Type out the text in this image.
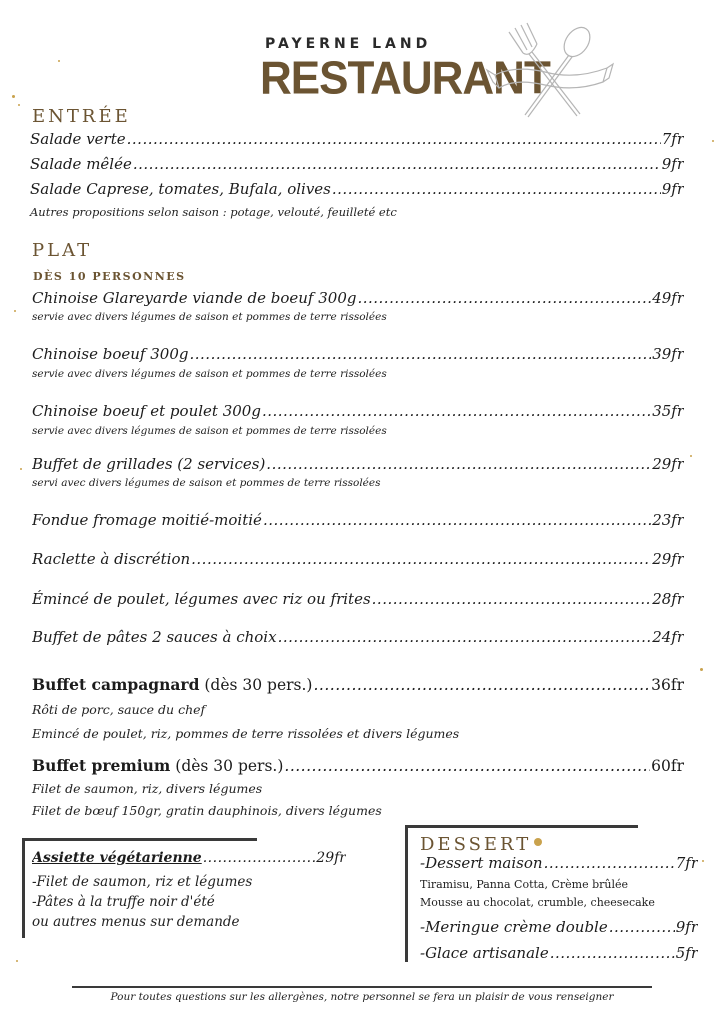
PAYERNE LAND
RESTAURANT
ENTRÉE
Salade verte .....	7fr
Salade mêlée .....	9fr
Salade Caprese, tomates, Bufala, olives .....	9fr
Autres propositions selon saison : potage, velouté, feuilleté etc
PLAT
DÈS 10 PERSONNES
Chinoise Glareyarde viande de boeuf 300g .....	49fr
servie avec divers légumes de saison et pommes de terre rissolées
Chinoise boeuf 300g .....	39fr
servie avec divers légumes de saison et pommes de terre rissolées
Chinoise boeuf et poulet 300g .....	35fr
servie avec divers légumes de saison et pommes de terre rissolées
Buffet de grillades (2 services) .....	29fr
servi avec divers légumes de saison et pommes de terre rissolées
Fondue fromage moitié-moitié .....	23fr
Raclette à discrétion .....	29fr
Émincé de poulet, légumes avec riz ou frites .....	28fr
Buffet de pâtes 2 sauces à choix .....	24fr
Buffet campagnard (dès 30 pers.) .....	36fr
Rôti de porc, sauce du chef
Emincé de poulet, riz, pommes de terre rissolées et divers légumes
Buffet premium (dès 30 pers.) .....	60fr
Filet de saumon, riz, divers légumes
Filet de bœuf 150gr, gratin dauphinois, divers légumes
Assiette végétarienne .....	29fr
-Filet de saumon, riz et légumes
-Pâtes à la truffe noir d'été
ou autres menus sur demande
DESSERT
-Dessert maison .....	7fr
Tiramisu, Panna Cotta, Crème brûlée
Mousse au chocolat, crumble, cheesecake
-Meringue crème double .....	9fr
-Glace artisanale .....	5fr
Pour toutes questions sur les allergènes, notre personnel se fera un plaisir de vous renseigner
